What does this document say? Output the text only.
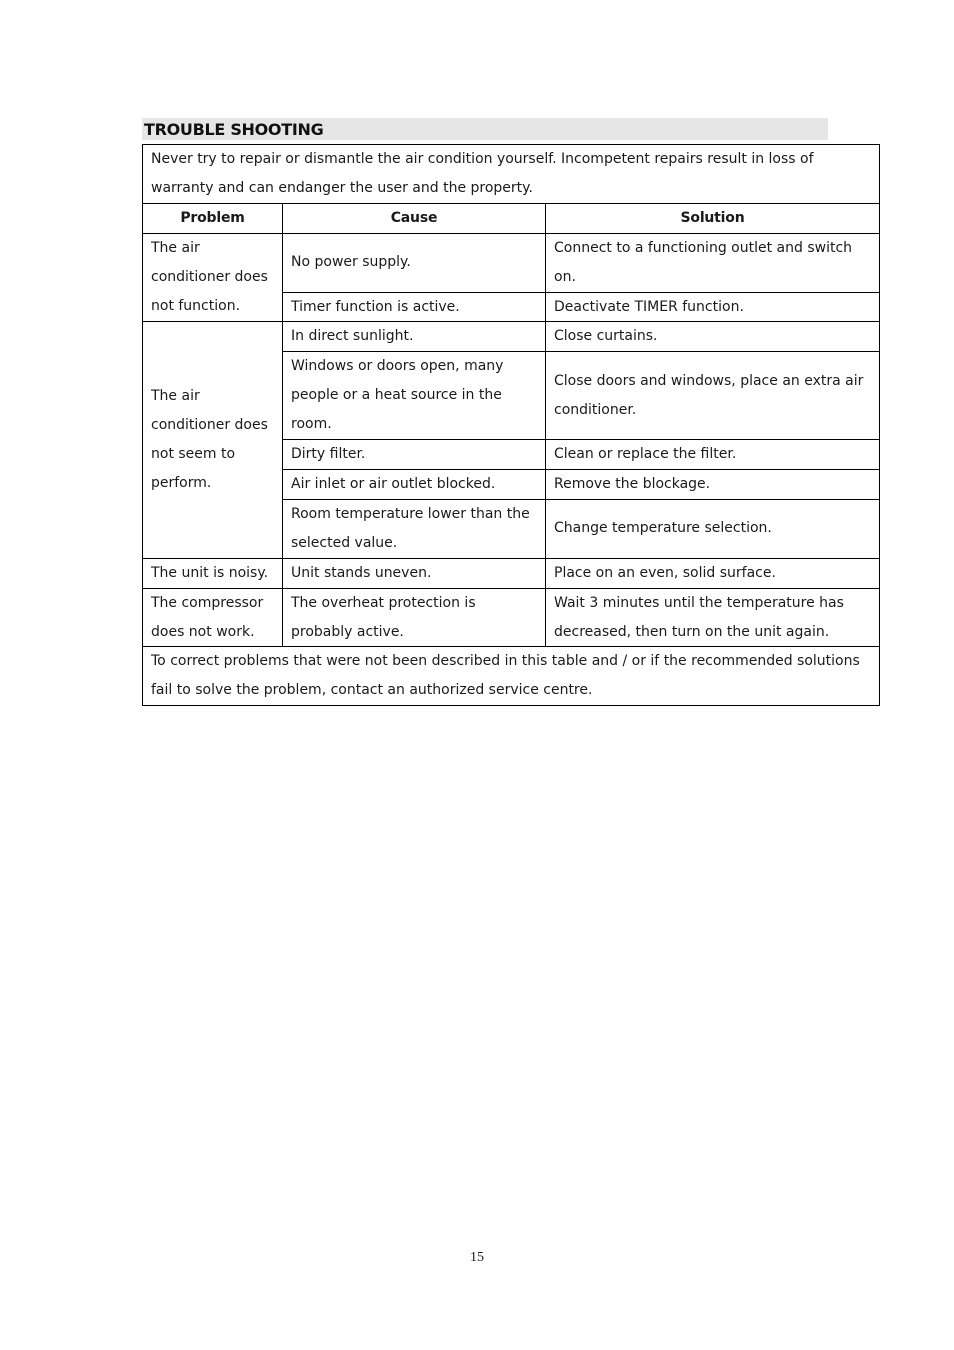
TROUBLE SHOOTING
Never try to repair or dismantle the air condition yourself. Incompetent repairs result in loss of warranty and can endanger the user and the property.		
Problem	Cause	Solution
The air conditioner does not function.	No power supply.	Connect to a functioning outlet and switch on.
	Timer function is active.	Deactivate TIMER function.
The air conditioner does not seem to perform.	In direct sunlight.	Close curtains.
	Windows or doors open, many people or a heat source in the room.	Close doors and windows, place an extra air conditioner.
	Dirty filter.	Clean or replace the filter.
	Air inlet or air outlet blocked.	Remove the blockage.
	Room temperature lower than the selected value.	Change temperature selection.
The unit is noisy.	Unit stands uneven.	Place on an even, solid surface.
The compressor does not work.	The overheat protection is probably active.	Wait 3 minutes until the temperature has decreased, then turn on the unit again.
To correct problems that were not been described in this table and / or if the recommended solutions fail to solve the problem, contact an authorized service centre.		
15
